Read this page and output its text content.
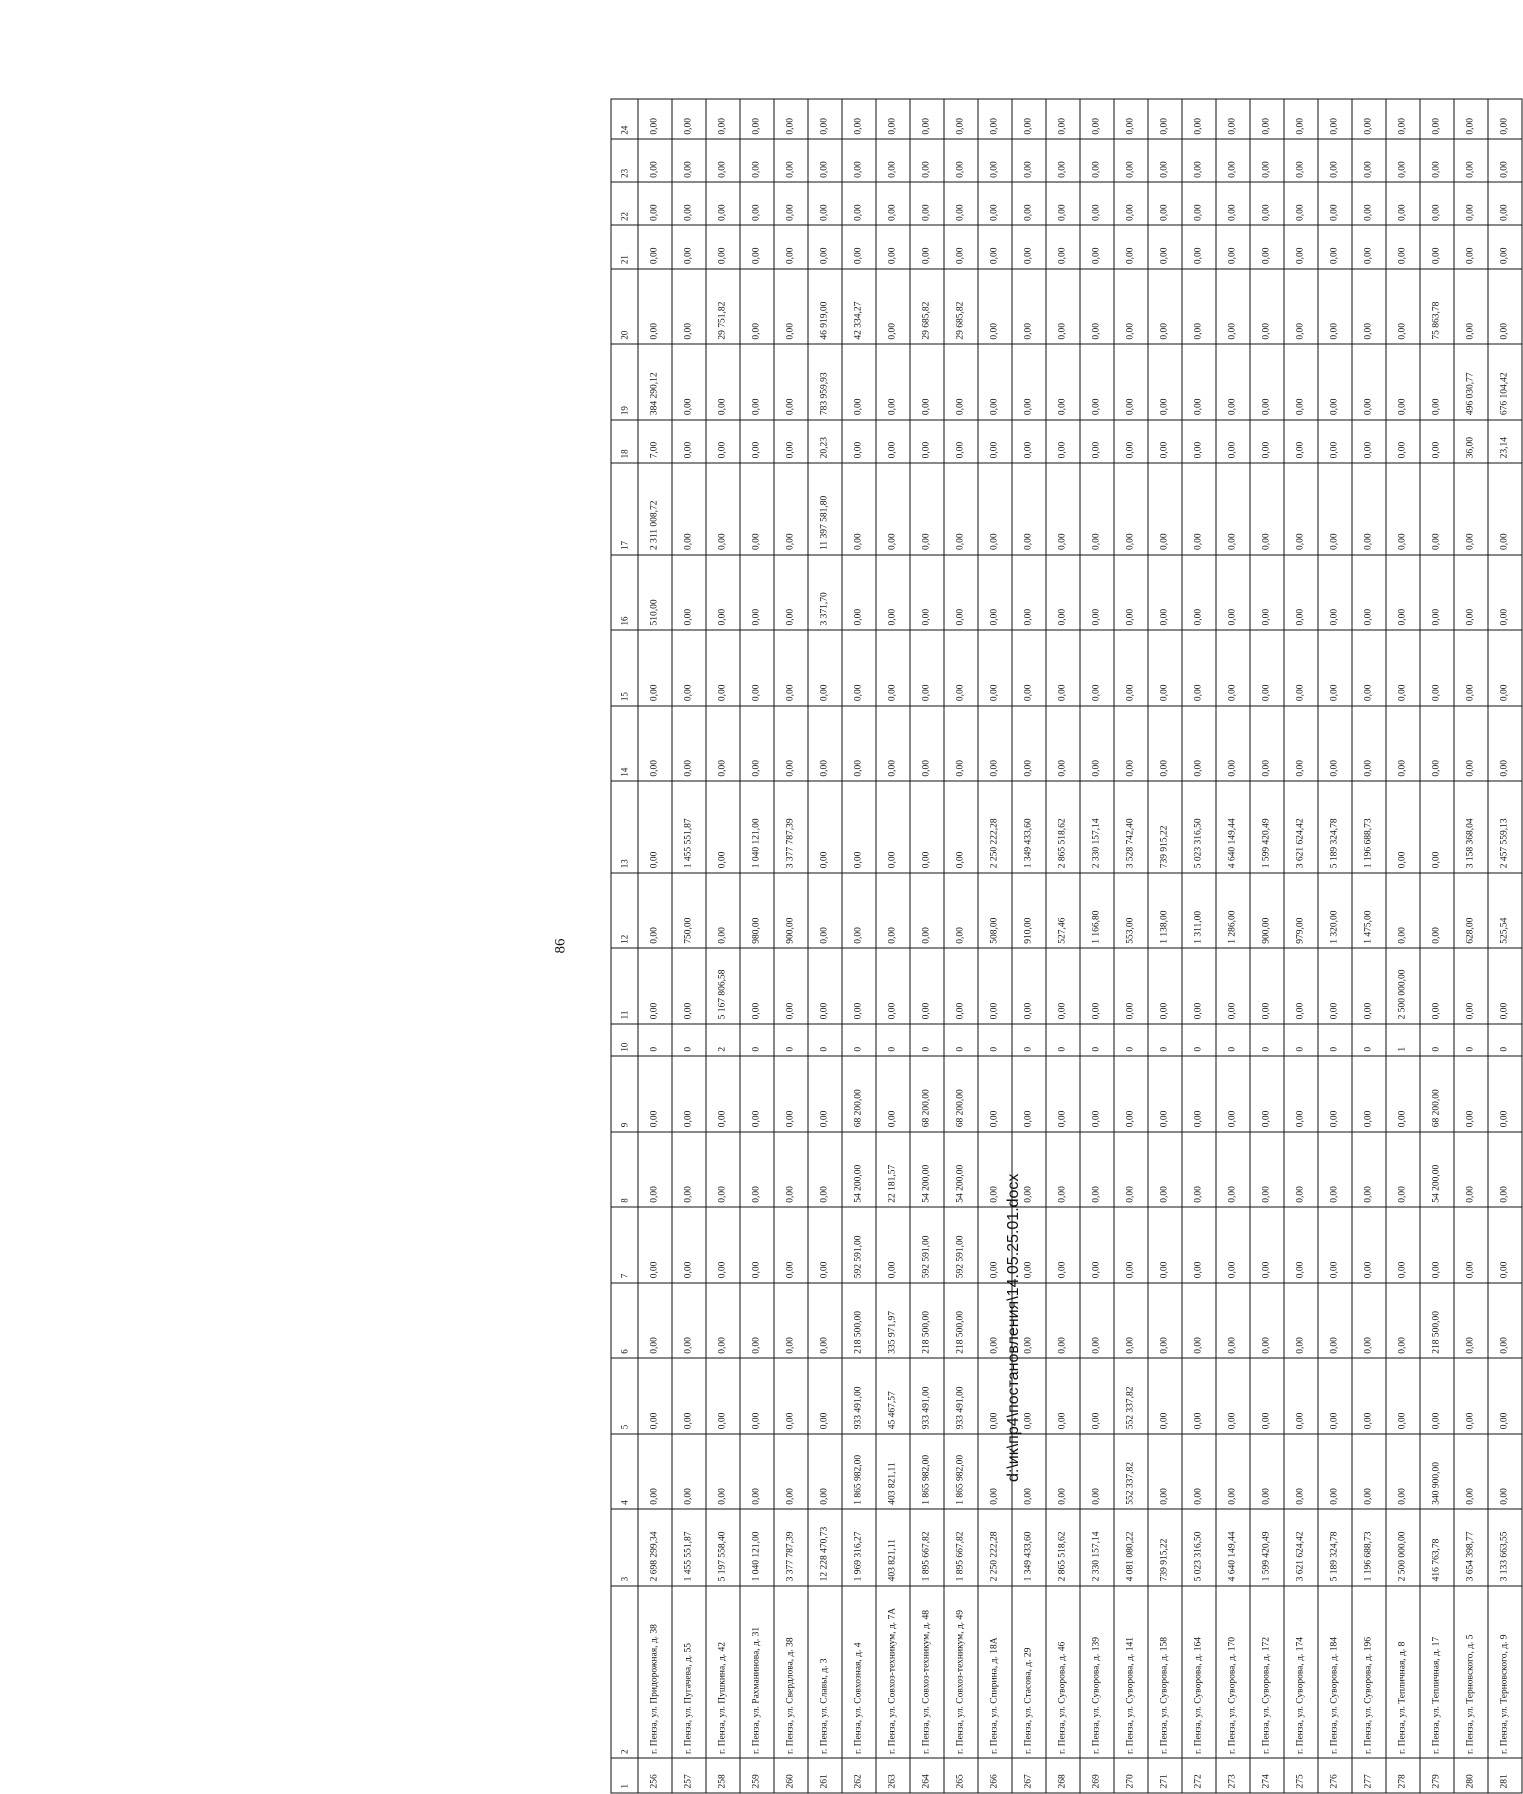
86
1	2	3	4	5	6	7	8	9	10	11	12	13	14	15	16	17	18	19	20	21	22	23	24
256	г. Пенза, ул. Придорожная, д. 38	2 698 299,34	0,00	0,00	0,00	0,00	0,00	0,00	0	0,00	0,00	0,00	0,00	0,00	510,00	2 311 008,72	7,00	384 290,12	0,00	0,00	0,00	0,00	0,00
257	г. Пенза, ул. Пугачева, д. 55	1 455 551,87	0,00	0,00	0,00	0,00	0,00	0,00	0	0,00	750,00	1 455 551,87	0,00	0,00	0,00	0,00	0,00	0,00	0,00	0,00	0,00	0,00	0,00
258	г. Пенза, ул. Пушкина, д. 42	5 197 558,40	0,00	0,00	0,00	0,00	0,00	0,00	2	5 167 806,58	0,00	0,00	0,00	0,00	0,00	0,00	0,00	0,00	29 751,82	0,00	0,00	0,00	0,00
259	г. Пенза, ул. Рахманинова, д. 31	1 040 121,00	0,00	0,00	0,00	0,00	0,00	0,00	0	0,00	980,00	1 040 121,00	0,00	0,00	0,00	0,00	0,00	0,00	0,00	0,00	0,00	0,00	0,00
260	г. Пенза, ул. Свердлова, д. 38	3 377 787,39	0,00	0,00	0,00	0,00	0,00	0,00	0	0,00	900,00	3 377 787,39	0,00	0,00	0,00	0,00	0,00	0,00	0,00	0,00	0,00	0,00	0,00
261	г. Пенза, ул. Славы, д. 3	12 228 470,73	0,00	0,00	0,00	0,00	0,00	0,00	0	0,00	0,00	0,00	0,00	0,00	3 371,70	11 397 581,80	20,23	783 959,93	46 919,00	0,00	0,00	0,00	0,00
262	г. Пенза, ул. Совхозная, д. 4	1 969 316,27	1 865 982,00	933 491,00	218 500,00	592 591,00	54 200,00	68 200,00	0	0,00	0,00	0,00	0,00	0,00	0,00	0,00	0,00	0,00	42 334,27	0,00	0,00	0,00	0,00
263	г. Пенза, ул. Совхоз-техникум, д. 7А	403 821,11	403 821,11	45 467,57	335 971,97	0,00	22 181,57	0,00	0	0,00	0,00	0,00	0,00	0,00	0,00	0,00	0,00	0,00	0,00	0,00	0,00	0,00	0,00
264	г. Пенза, ул. Совхоз-техникум, д. 48	1 895 667,82	1 865 982,00	933 491,00	218 500,00	592 591,00	54 200,00	68 200,00	0	0,00	0,00	0,00	0,00	0,00	0,00	0,00	0,00	0,00	29 685,82	0,00	0,00	0,00	0,00
265	г. Пенза, ул. Совхоз-техникум, д. 49	1 895 667,82	1 865 982,00	933 491,00	218 500,00	592 591,00	54 200,00	68 200,00	0	0,00	0,00	0,00	0,00	0,00	0,00	0,00	0,00	0,00	29 685,82	0,00	0,00	0,00	0,00
266	г. Пенза, ул. Спирина, д. 18А	2 250 222,28	0,00	0,00	0,00	0,00	0,00	0,00	0	0,00	508,00	2 250 222,28	0,00	0,00	0,00	0,00	0,00	0,00	0,00	0,00	0,00	0,00	0,00
267	г. Пенза, ул. Стасова, д. 29	1 349 433,60	0,00	0,00	0,00	0,00	0,00	0,00	0	0,00	910,00	1 349 433,60	0,00	0,00	0,00	0,00	0,00	0,00	0,00	0,00	0,00	0,00	0,00
268	г. Пенза, ул. Суворова, д. 46	2 865 518,62	0,00	0,00	0,00	0,00	0,00	0,00	0	0,00	527,46	2 865 518,62	0,00	0,00	0,00	0,00	0,00	0,00	0,00	0,00	0,00	0,00	0,00
269	г. Пенза, ул. Суворова, д. 139	2 330 157,14	0,00	0,00	0,00	0,00	0,00	0,00	0	0,00	1 166,80	2 330 157,14	0,00	0,00	0,00	0,00	0,00	0,00	0,00	0,00	0,00	0,00	0,00
270	г. Пенза, ул. Суворова, д. 141	4 081 080,22	552 337,82	552 337,82	0,00	0,00	0,00	0,00	0	0,00	553,00	3 528 742,40	0,00	0,00	0,00	0,00	0,00	0,00	0,00	0,00	0,00	0,00	0,00
271	г. Пенза, ул. Суворова, д. 158	739 915,22	0,00	0,00	0,00	0,00	0,00	0,00	0	0,00	1 138,00	739 915,22	0,00	0,00	0,00	0,00	0,00	0,00	0,00	0,00	0,00	0,00	0,00
272	г. Пенза, ул. Суворова, д. 164	5 023 316,50	0,00	0,00	0,00	0,00	0,00	0,00	0	0,00	1 311,00	5 023 316,50	0,00	0,00	0,00	0,00	0,00	0,00	0,00	0,00	0,00	0,00	0,00
273	г. Пенза, ул. Суворова, д. 170	4 640 149,44	0,00	0,00	0,00	0,00	0,00	0,00	0	0,00	1 286,00	4 640 149,44	0,00	0,00	0,00	0,00	0,00	0,00	0,00	0,00	0,00	0,00	0,00
274	г. Пенза, ул. Суворова, д. 172	1 599 420,49	0,00	0,00	0,00	0,00	0,00	0,00	0	0,00	900,00	1 599 420,49	0,00	0,00	0,00	0,00	0,00	0,00	0,00	0,00	0,00	0,00	0,00
275	г. Пенза, ул. Суворова, д. 174	3 621 624,42	0,00	0,00	0,00	0,00	0,00	0,00	0	0,00	979,00	3 621 624,42	0,00	0,00	0,00	0,00	0,00	0,00	0,00	0,00	0,00	0,00	0,00
276	г. Пенза, ул. Суворова, д. 184	5 189 324,78	0,00	0,00	0,00	0,00	0,00	0,00	0	0,00	1 320,00	5 189 324,78	0,00	0,00	0,00	0,00	0,00	0,00	0,00	0,00	0,00	0,00	0,00
277	г. Пенза, ул. Суворова, д. 196	1 196 688,73	0,00	0,00	0,00	0,00	0,00	0,00	0	0,00	1 475,00	1 196 688,73	0,00	0,00	0,00	0,00	0,00	0,00	0,00	0,00	0,00	0,00	0,00
278	г. Пенза, ул. Тепличная, д. 8	2 500 000,00	0,00	0,00	0,00	0,00	0,00	0,00	1	2 500 000,00	0,00	0,00	0,00	0,00	0,00	0,00	0,00	0,00	0,00	0,00	0,00	0,00	0,00
279	г. Пенза, ул. Тепличная, д. 17	416 763,78	340 900,00	0,00	218 500,00	0,00	54 200,00	68 200,00	0	0,00	0,00	0,00	0,00	0,00	0,00	0,00	0,00	0,00	75 863,78	0,00	0,00	0,00	0,00
280	г. Пенза, ул. Терновского, д. 5	3 654 398,77	0,00	0,00	0,00	0,00	0,00	0,00	0	0,00	628,00	3 158 368,04	0,00	0,00	0,00	0,00	36,00	496 030,77	0,00	0,00	0,00	0,00	0,00
281	г. Пенза, ул. Терновского, д. 9	3 133 663,55	0,00	0,00	0,00	0,00	0,00	0,00	0	0,00	525,54	2 457 559,13	0,00	0,00	0,00	0,00	23,14	676 104,42	0,00	0,00	0,00	0,00	0,00
d:\ик\пр4\постановления\14.05.25.01.docx
